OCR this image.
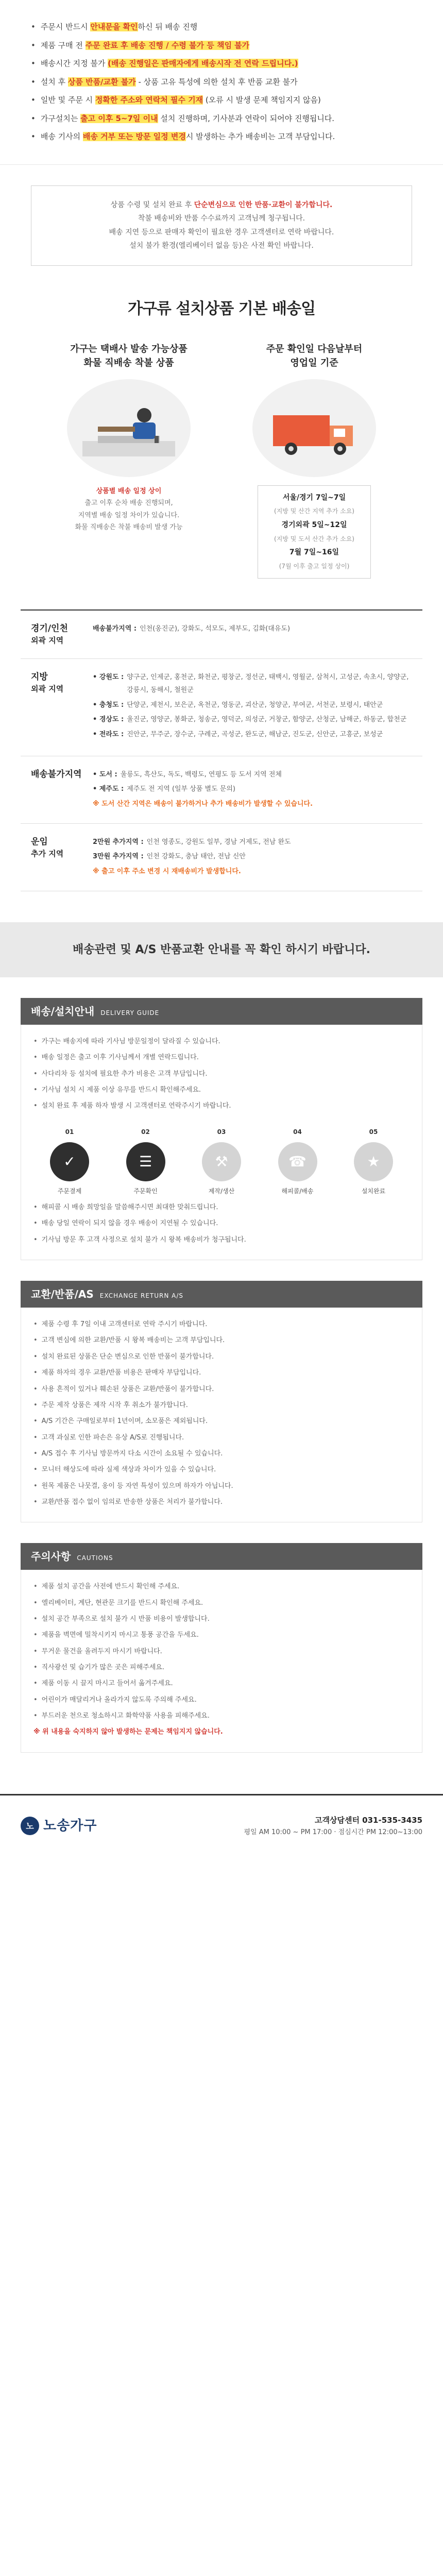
• 주문시 반드시 안내문을 확인하신 뒤 배송 진행
• 제품 구매 전 주문 완료 후 배송 진행 / 수령 불가 등 책임 불가
• 배송시간 지정 불가 (배송 진행일은 판매자에게 배송시작 전 연락 드립니다.)
• 설치 후 상품 반품/교환 불가 - 상품 고유 특성에 의한 설치 후 반품 교환 불가
• 일반 및 주문 시 정확한 주소와 연락처 필수 기재 (오류 시 발생 문제 책임지지 않음)
• 가구설치는 출고 이후 5~7일 이내 설치 진행하며, 기사분과 연락이 되어야 진행됩니다.
• 배송 기사의 배송 거부 또는 방문 일정 변경시 발생하는 추가 배송비는 고객 부담입니다.
상품 수령 및 설치 완료 후 단순변심으로 인한 반품·교환이 불가합니다.
착불 배송비와 반품 수수료까지 고객님께 청구됩니다.
배송 지연 등으로 판매자 확인이 필요한 경우 고객센터로 연락 바랍니다.
설치 불가 환경(엘리베이터 없음 등)은 사전 확인 바랍니다.
가구류 설치상품 기본 배송일
가구는 택배사 발송 가능상품
화물 직배송 착불 상품

상품별 배송 일정 상이
출고 이후 순차 배송 진행되며,
지역별 배송 일정 차이가 있습니다.
화물 직배송은 착불 배송비 발생 가능

주문 확인일 다음날부터
영업일 기준
서울/경기 7일~7일
(지방 및 산간 지역 추가 소요)
경기외곽 5일~12일
(지방 및 도서 산간 추가 소요)
7월 7일~16일
(7월 이후 출고 일정 상이)
경기/인천
외곽 지역
배송불가지역 : 인천(옹진군), 강화도, 석모도, 제부도, 김화(대유도)
지방
외곽 지역
• 강원도 : 양구군, 인제군, 홍천군, 화천군, 평창군, 정선군, 태백시, 영월군, 삼척시, 고성군, 속초시, 양양군, 강릉시, 동해시, 철원군
• 충청도 : 단양군, 제천시, 보은군, 옥천군, 영동군, 괴산군, 청양군, 부여군, 서천군, 보령시, 태안군
• 경상도 : 울진군, 영양군, 봉화군, 청송군, 영덕군, 의성군, 거창군, 함양군, 산청군, 남해군, 하동군, 합천군
• 전라도 : 진안군, 무주군, 장수군, 구례군, 곡성군, 완도군, 해남군, 진도군, 신안군, 고흥군, 보성군
배송불가지역	• 도서 : 울릉도, 흑산도, 독도, 백령도, 연평도 등 도서 지역 전체
• 제주도 : 제주도 전 지역 (일부 상품 별도 문의)
※ 도서 산간 지역은 배송이 불가하거나 추가 배송비가 발생할 수 있습니다.
운임
추가 지역
2만원 추가지역 : 인천 영종도, 강원도 일부, 경남 거제도, 전남 완도
3만원 추가지역 : 인천 강화도, 충남 태안, 전남 신안
※ 출고 이후 주소 변경 시 재배송비가 발생합니다.
배송관련 및 A/S 반품교환 안내를 꼭 확인 하시기 바랍니다.
배송/설치안내 DELIVERY GUIDE
• 가구는 배송지에 따라 기사님 방문일정이 달라질 수 있습니다.
• 배송 일정은 출고 이후 기사님께서 개별 연락드립니다.
• 사다리차 등 설치에 필요한 추가 비용은 고객 부담입니다.
• 기사님 설치 시 제품 이상 유무를 반드시 확인해주세요.
• 설치 완료 후 제품 하자 발생 시 고객센터로 연락주시기 바랍니다.
01
✓
주문결제
02
☰
주문확인
03
⚒
제작/생산
04
☎
해피콜/배송
05
★
설치완료
• 해피콜 시 배송 희망일을 말씀해주시면 최대한 맞춰드립니다.
• 배송 당일 연락이 되지 않을 경우 배송이 지연될 수 있습니다.
• 기사님 방문 후 고객 사정으로 설치 불가 시 왕복 배송비가 청구됩니다.
교환/반품/AS EXCHANGE RETURN A/S
• 제품 수령 후 7일 이내 고객센터로 연락 주시기 바랍니다.
• 고객 변심에 의한 교환/반품 시 왕복 배송비는 고객 부담입니다.
• 설치 완료된 상품은 단순 변심으로 인한 반품이 불가합니다.
• 제품 하자의 경우 교환/반품 비용은 판매자 부담입니다.
• 사용 흔적이 있거나 훼손된 상품은 교환/반품이 불가합니다.
• 주문 제작 상품은 제작 시작 후 취소가 불가합니다.
• A/S 기간은 구매일로부터 1년이며, 소모품은 제외됩니다.
• 고객 과실로 인한 파손은 유상 A/S로 진행됩니다.
• A/S 접수 후 기사님 방문까지 다소 시간이 소요될 수 있습니다.
• 모니터 해상도에 따라 실제 색상과 차이가 있을 수 있습니다.
• 원목 제품은 나뭇결, 옹이 등 자연 특성이 있으며 하자가 아닙니다.
• 교환/반품 접수 없이 임의로 반송한 상품은 처리가 불가합니다.
주의사항 CAUTIONS
• 제품 설치 공간을 사전에 반드시 확인해 주세요.
• 엘리베이터, 계단, 현관문 크기를 반드시 확인해 주세요.
• 설치 공간 부족으로 설치 불가 시 반품 비용이 발생합니다.
• 제품을 벽면에 밀착시키지 마시고 통풍 공간을 두세요.
• 무거운 물건을 올려두지 마시기 바랍니다.
• 직사광선 및 습기가 많은 곳은 피해주세요.
• 제품 이동 시 끌지 마시고 들어서 옮겨주세요.
• 어린이가 매달리거나 올라가지 않도록 주의해 주세요.
• 부드러운 천으로 청소하시고 화학약품 사용을 피해주세요.
※ 위 내용을 숙지하지 않아 발생하는 문제는 책임지지 않습니다.
노 노송가구	고객상담센터 031-535-3435
평일 AM 10:00 ~ PM 17:00 · 점심시간 PM 12:00~13:00
